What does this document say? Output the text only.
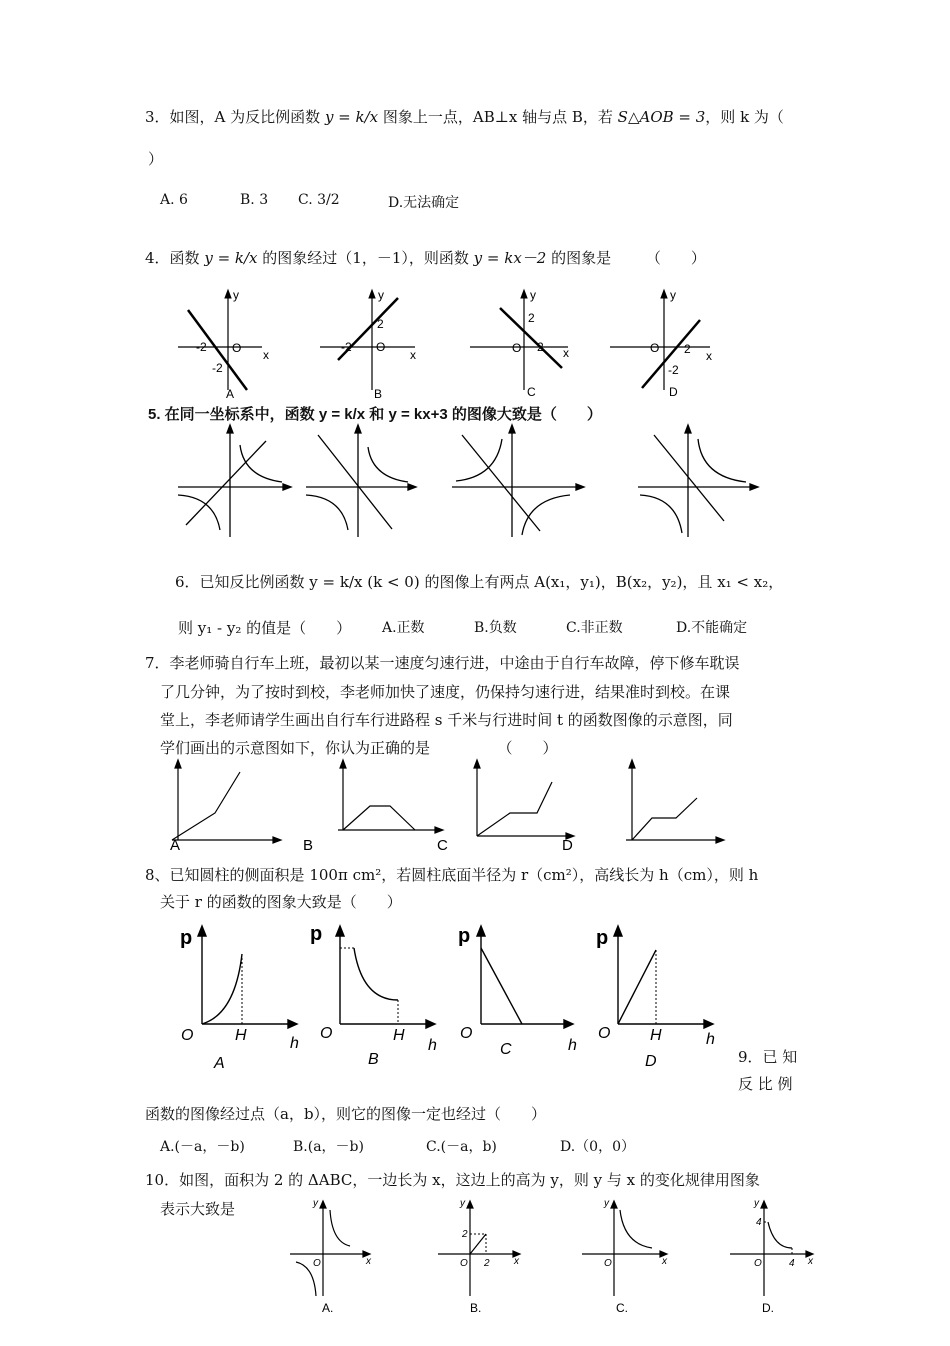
3．如图，A 为反比例函数 y = k/x 图象上一点，AB⊥x 轴与点 B，若 S△AOB = 3，则 k 为（
）
A. 6	B. 3 C. 3/2	D.无法确定
4．函数 y = k/x 的图象经过（1，－1），则函数 y = kx－2 的图象是 （　　）
y
O x
-2
-2
A
y
O
x
-2
2
B
y
O	x
2
2
C
y
O
x
2
-2
D
5. 在同一坐标系中，函数 y = k/x 和 y = kx+3 的图像大致是（　　）
6．已知反比例函数 y = k/x (k < 0) 的图像上有两点 A(x₁，y₁)，B(x₂，y₂)，且 x₁ < x₂，
则 y₁ - y₂ 的值是（　　） A.正数	B.负数	C.非正数	D.不能确定
7．李老师骑自行车上班，最初以某一速度匀速行进，中途由于自行车故障，停下修车耽误
了几分钟，为了按时到校，李老师加快了速度，仍保持匀速行进，结果准时到校。在课
堂上，李老师请学生画出自行车行进路程 s 千米与行进时间 t 的函数图像的示意图，同
学们画出的示意图如下，你认为正确的是　　　　　（　　）
A	B	C	D
8、已知圆柱的侧面积是 100π cm²，若圆柱底面半径为 r（cm²），高线长为 h（cm），则 h
关于 r 的函数的图象大致是（　　）
p	p	p	p
O	H	h
A
O	H
h
B
O
h
C
O H	h
D	9．已 知
反 比 例
函数的图像经过点（a，b），则它的图像一定也经过（　　）
A.(－a，－b)	B.(a，－b)	C.(－a，b)	D.（0，0）
10．如图，面积为 2 的 ΔABC，一边长为 x，这边上的高为 y，则 y 与 x 的变化规律用图象
表示大致是	y
O	x
y
O
2
2 x
y
O	x
y
O
4
4 x
A.	B.	C.	D.
